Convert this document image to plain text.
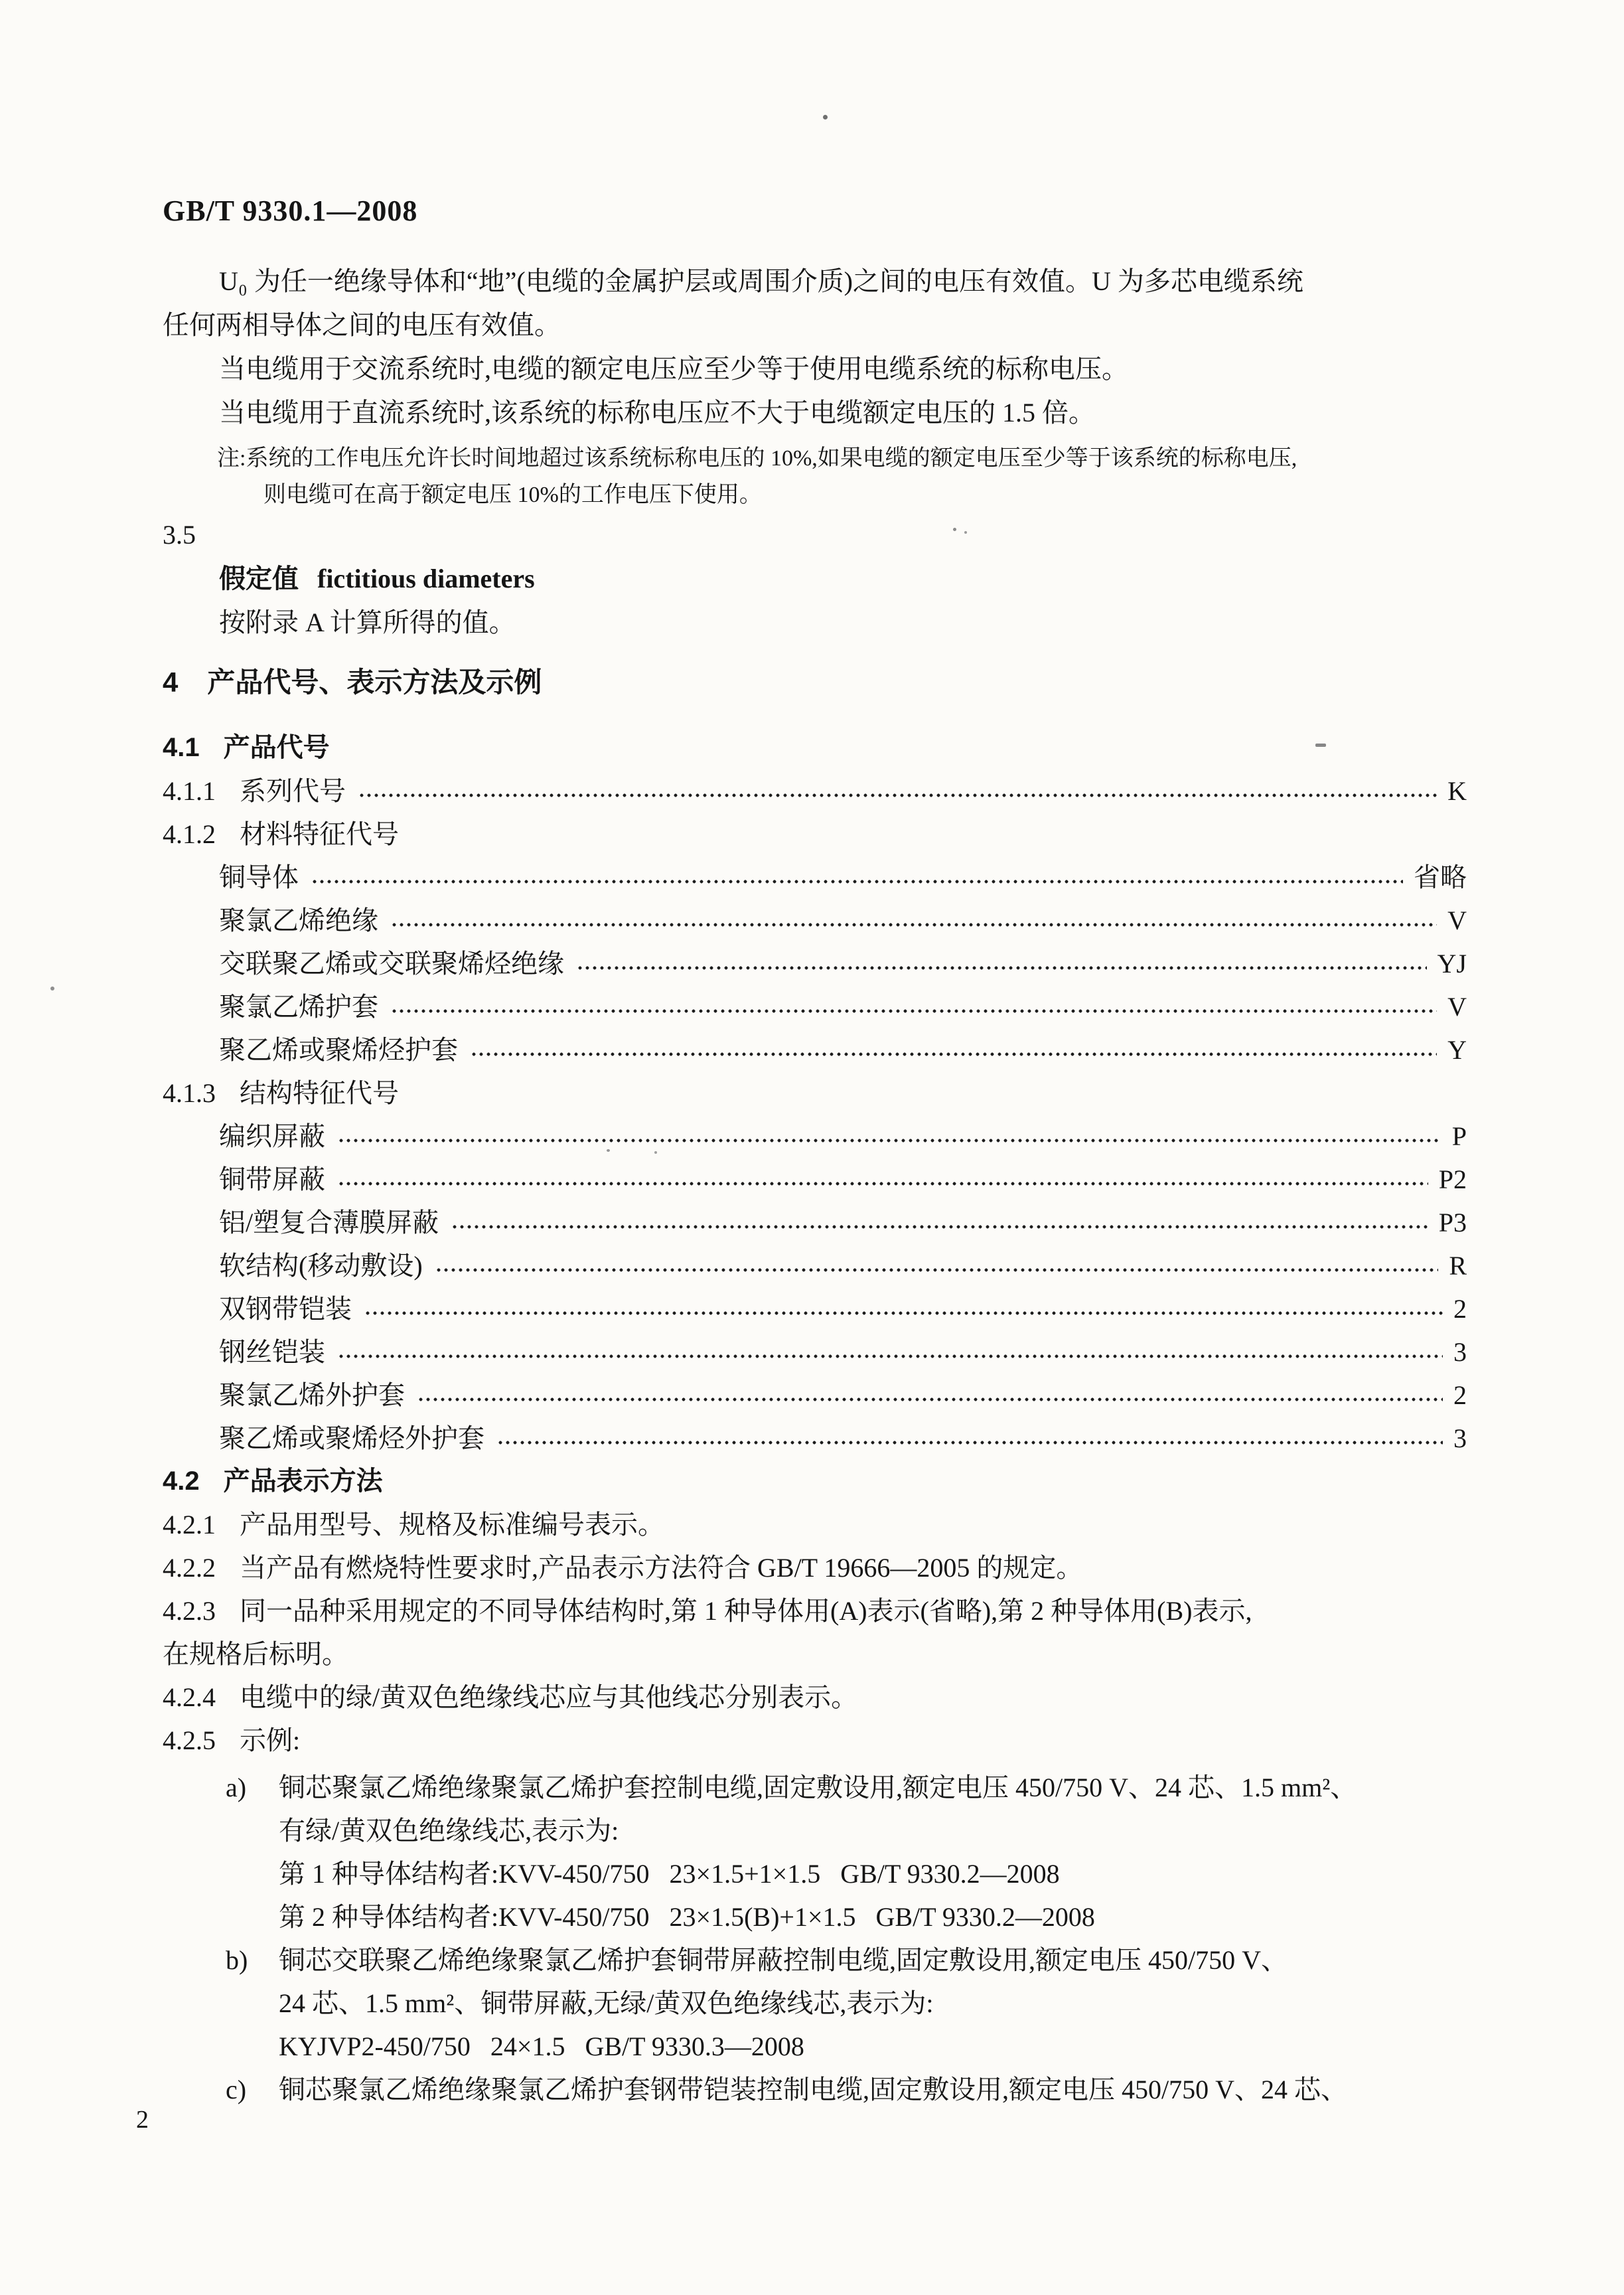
GB/T 9330.1—2008
U₀ 为任一绝缘导体和“地”(电缆的金属护层或周围介质)之间的电压有效值。U 为多芯电缆系统
任何两相导体之间的电压有效值。
当电缆用于交流系统时,电缆的额定电压应至少等于使用电缆系统的标称电压。
当电缆用于直流系统时,该系统的标称电压应不大于电缆额定电压的 1.5 倍。
注:系统的工作电压允许长时间地超过该系统标称电压的 10%,如果电缆的额定电压至少等于该系统的标称电压,
则电缆可在高于额定电压 10%的工作电压下使用。
3.5
假定值 fictitious diameters
按附录 A 计算所得的值。
4 产品代号、表示方法及示例
4.1 产品代号
4.1.1 系列代号	K
4.1.2 材料特征代号
铜导体	省略
聚氯乙烯绝缘	V
交联聚乙烯或交联聚烯烃绝缘	YJ
聚氯乙烯护套	V
聚乙烯或聚烯烃护套	Y
4.1.3 结构特征代号
编织屏蔽	P
铜带屏蔽	P2
铝/塑复合薄膜屏蔽	P3
软结构(移动敷设)	R
双钢带铠装	2
钢丝铠装	3
聚氯乙烯外护套	2
聚乙烯或聚烯烃外护套	3
4.2 产品表示方法
4.2.1 产品用型号、规格及标准编号表示。
4.2.2 当产品有燃烧特性要求时,产品表示方法符合 GB/T 19666—2005 的规定。
4.2.3 同一品种采用规定的不同导体结构时,第 1 种导体用(A)表示(省略),第 2 种导体用(B)表示,
在规格后标明。
4.2.4 电缆中的绿/黄双色绝缘线芯应与其他线芯分别表示。
4.2.5 示例:
a) 铜芯聚氯乙烯绝缘聚氯乙烯护套控制电缆,固定敷设用,额定电压 450/750 V、24 芯、1.5 mm²、
有绿/黄双色绝缘线芯,表示为:
第 1 种导体结构者:KVV-450/750   23×1.5+1×1.5   GB/T 9330.2—2008
第 2 种导体结构者:KVV-450/750   23×1.5(B)+1×1.5   GB/T 9330.2—2008
b) 铜芯交联聚乙烯绝缘聚氯乙烯护套铜带屏蔽控制电缆,固定敷设用,额定电压 450/750 V、
24 芯、1.5 mm²、铜带屏蔽,无绿/黄双色绝缘线芯,表示为:
KYJVP2-450/750   24×1.5   GB/T 9330.3—2008
c) 铜芯聚氯乙烯绝缘聚氯乙烯护套钢带铠装控制电缆,固定敷设用,额定电压 450/750 V、24 芯、
2
